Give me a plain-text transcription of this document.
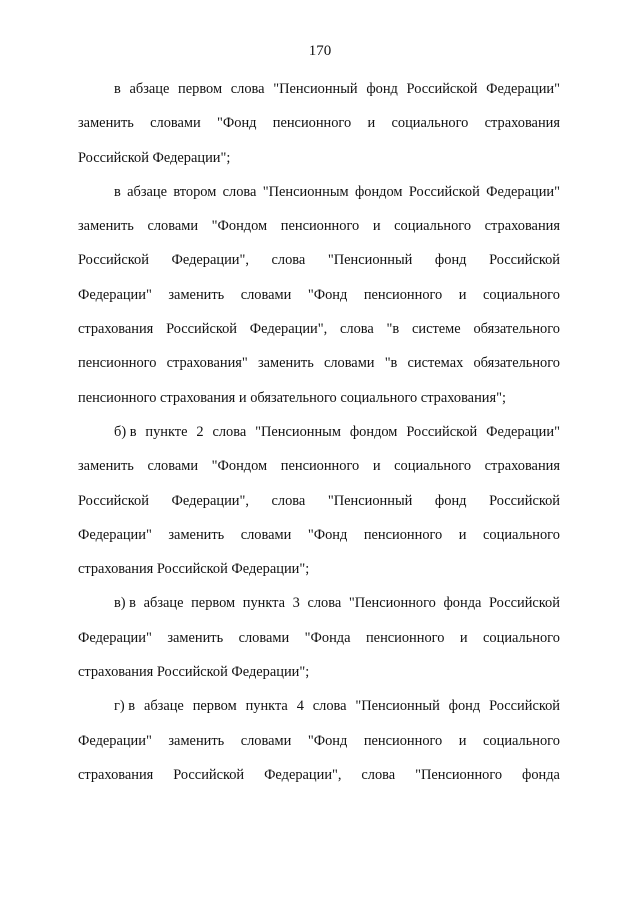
170
в абзаце первом слова "Пенсионный фонд Российской Федерации"
заменить словами "Фонд пенсионного и социального страхования
Российской Федерации";
в абзаце втором слова "Пенсионным фондом Российской Федерации"
заменить словами "Фондом пенсионного и социального страхования
Российской Федерации", слова "Пенсионный фонд Российской
Федерации" заменить словами "Фонд пенсионного и социального
страхования Российской Федерации", слова "в системе обязательного
пенсионного страхования" заменить словами "в системах обязательного
пенсионного страхования и обязательного социального страхования";
б) в пункте 2 слова "Пенсионным фондом Российской Федерации"
заменить словами "Фондом пенсионного и социального страхования
Российской Федерации", слова "Пенсионный фонд Российской
Федерации" заменить словами "Фонд пенсионного и социального
страхования Российской Федерации";
в) в абзаце первом пункта 3 слова "Пенсионного фонда Российской
Федерации" заменить словами "Фонда пенсионного и социального
страхования Российской Федерации";
г) в абзаце первом пункта 4 слова "Пенсионный фонд Российской
Федерации" заменить словами "Фонд пенсионного и социального
страхования Российской Федерации", слова "Пенсионного фонда
